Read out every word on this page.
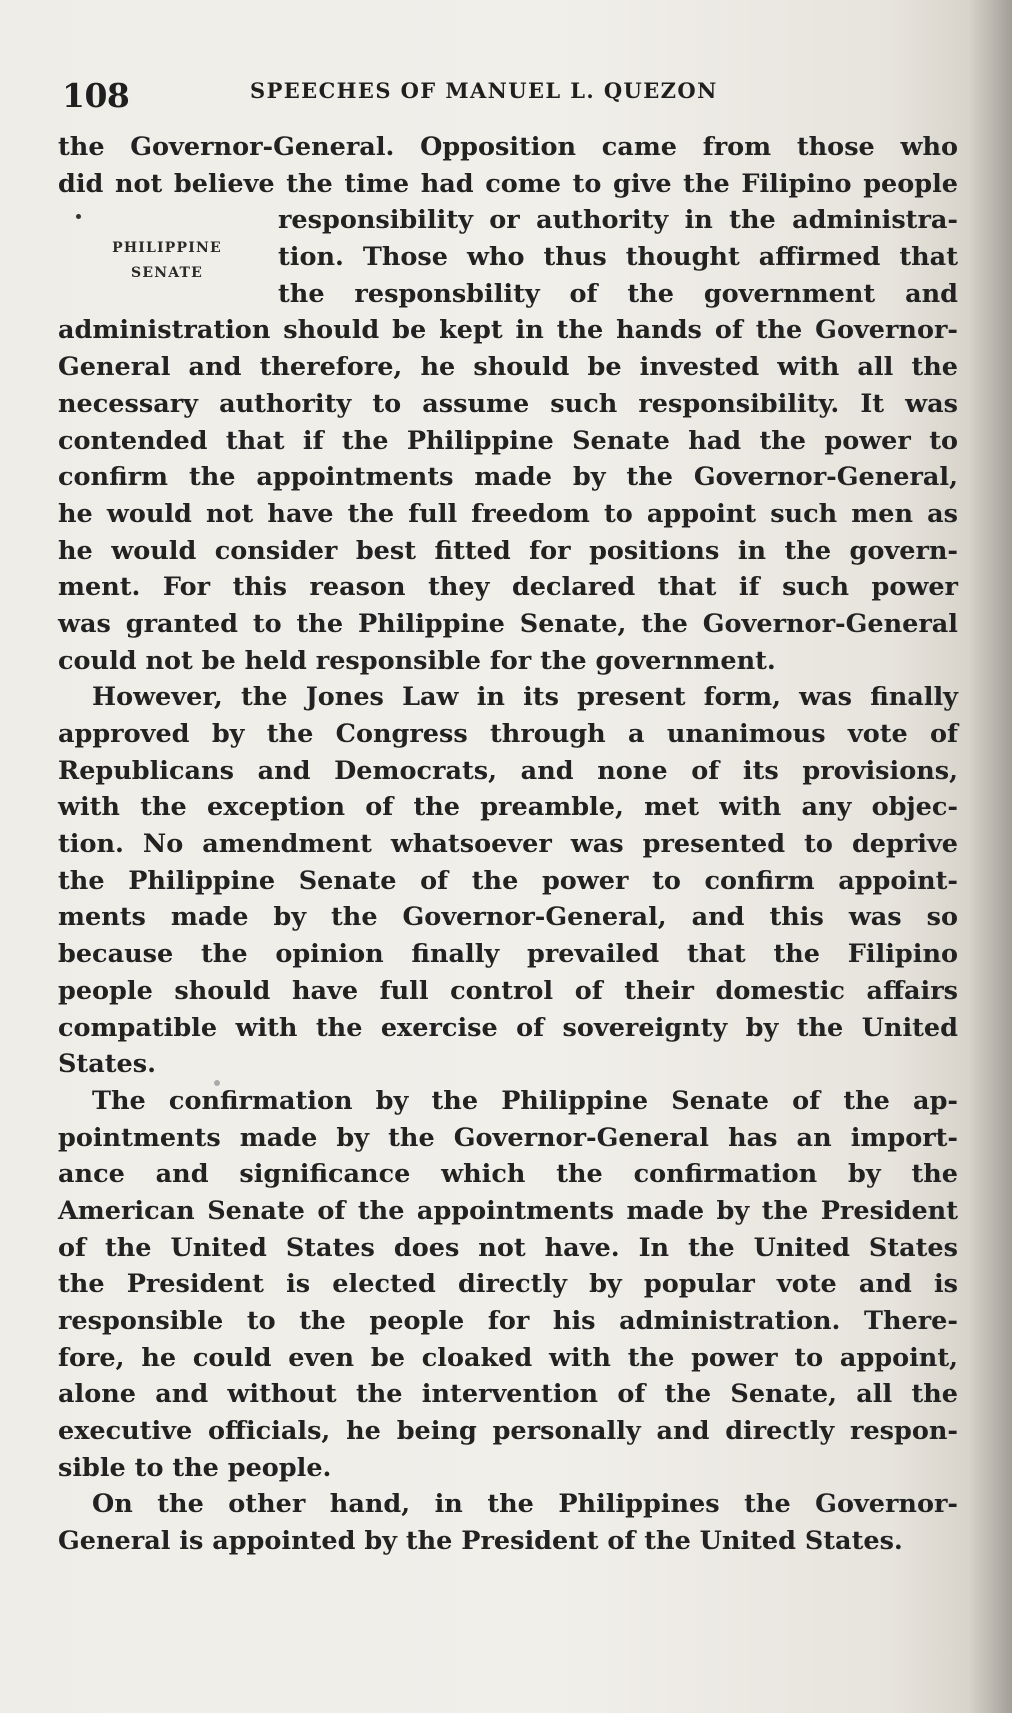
108	SPEECHES OF MANUEL L. QUEZON
PHILIPPINE
SENATE
the Governor-General. Opposition came from those who
did not believe the time had come to give the Filipino people
responsibility or authority in the administra-
tion. Those who thus thought affirmed that
the responsbility of the government and
administration should be kept in the hands of the Governor-
General and therefore, he should be invested with all the
necessary authority to assume such responsibility. It was
contended that if the Philippine Senate had the power to
confirm the appointments made by the Governor-General,
he would not have the full freedom to appoint such men as
he would consider best fitted for positions in the govern-
ment. For this reason they declared that if such power
was granted to the Philippine Senate, the Governor-General
could not be held responsible for the government.
However, the Jones Law in its present form, was finally
approved by the Congress through a unanimous vote of
Republicans and Democrats, and none of its provisions,
with the exception of the preamble, met with any objec-
tion. No amendment whatsoever was presented to deprive
the Philippine Senate of the power to confirm appoint-
ments made by the Governor-General, and this was so
because the opinion finally prevailed that the Filipino
people should have full control of their domestic affairs
compatible with the exercise of sovereignty by the United
States.
The confirmation by the Philippine Senate of the ap-
pointments made by the Governor-General has an import-
ance and significance which the confirmation by the
American Senate of the appointments made by the President
of the United States does not have. In the United States
the President is elected directly by popular vote and is
responsible to the people for his administration. There-
fore, he could even be cloaked with the power to appoint,
alone and without the intervention of the Senate, all the
executive officials, he being personally and directly respon-
sible to the people.
On the other hand, in the Philippines the Governor-
General is appointed by the President of the United States.
